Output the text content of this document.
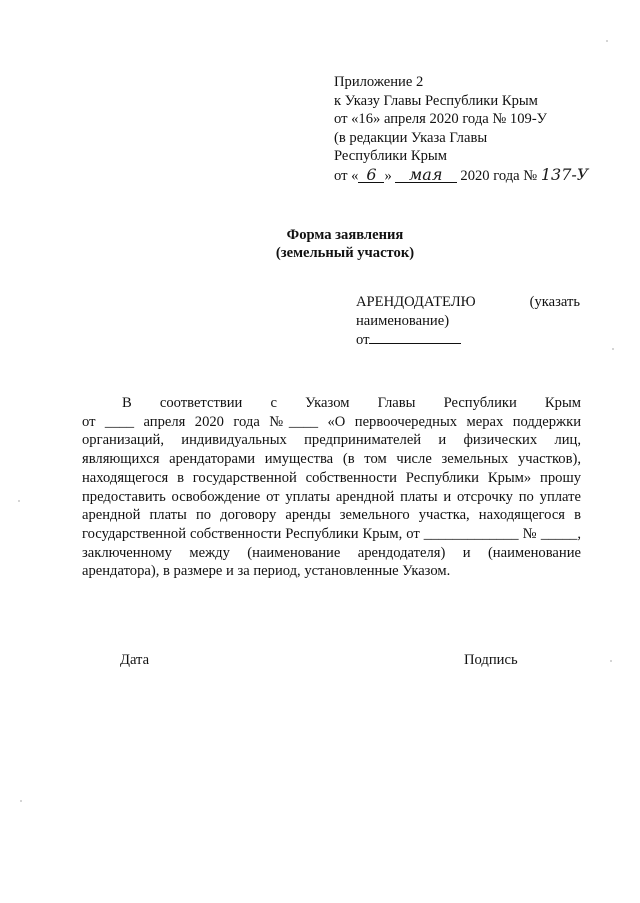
Приложение 2
к Указу Главы Республики Крым
от «16» апреля 2020 года № 109-У
(в редакции Указа Главы
Республики Крым
от « 6 » мая 2020 года № 137-У
Форма заявления
(земельный участок)
АРЕНДОДАТЕЛЮ	(указать
наименование)
от
В соответствии с Указом Главы Республики Крым
от ____ апреля 2020 года №____ «О первоочередных мерах поддержки организаций, индивидуальных предпринимателей и физических лиц, являющихся арендаторами имущества (в том числе земельных участков), находящегося в государственной собственности Республики Крым» прошу предоставить освобождение от уплаты арендной платы и отсрочку по уплате арендной платы по договору аренды земельного участка, находящегося в государственной собственности Республики Крым, от _____________ № _____, заключенному между (наименование арендодателя) и (наименование арендатора), в размере и за период, установленные Указом.
Дата	Подпись
